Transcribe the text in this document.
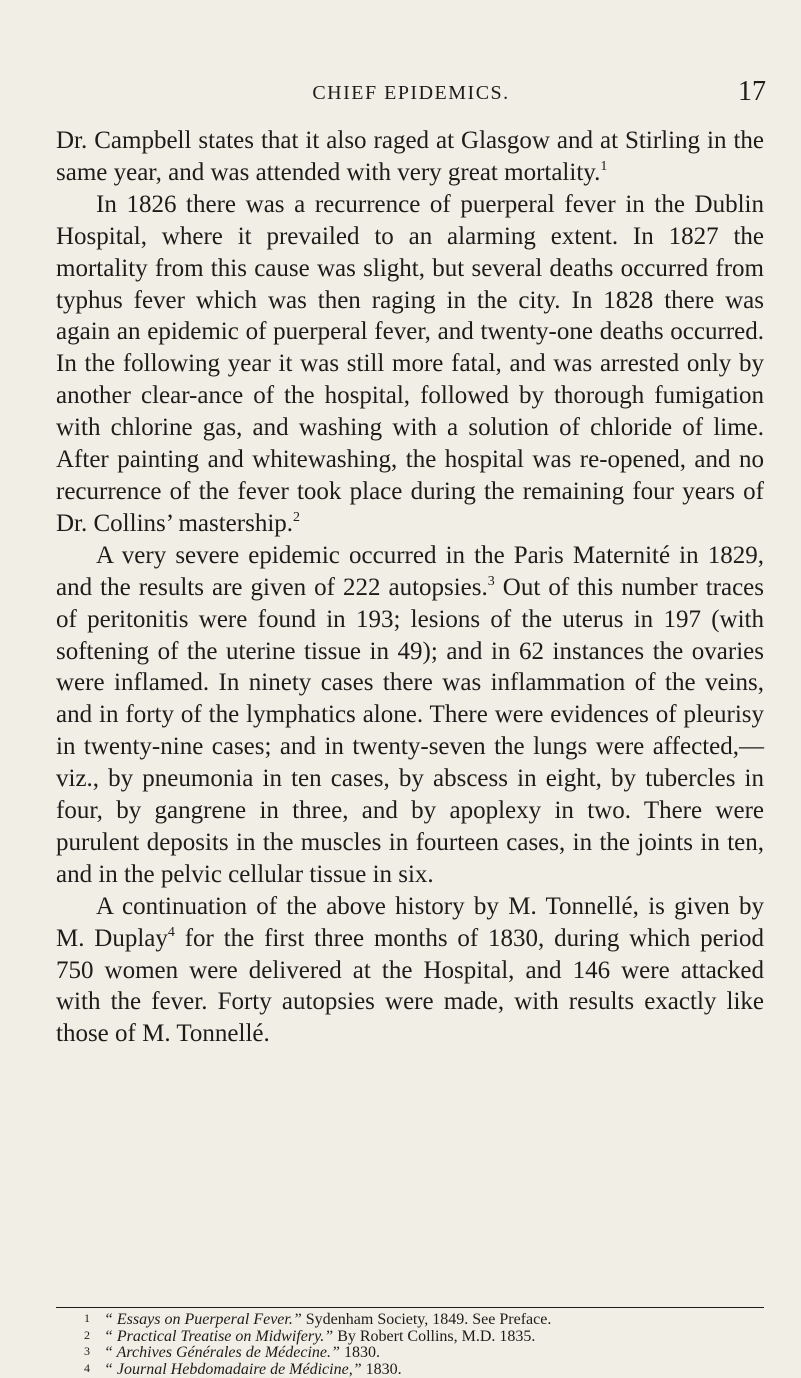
CHIEF EPIDEMICS.	17

Dr. Campbell states that it also raged at Glasgow and at Stirling in the same year, and was attended with very great mortality.$^1$

In 1826 there was a recurrence of puerperal fever in the Dublin Hospital, where it prevailed to an alarming extent. In 1827 the mortality from this cause was slight, but several deaths occurred from typhus fever which was then raging in the city. In 1828 there was again an epidemic of puerperal fever, and twenty-one deaths occurred. In the following year it was still more fatal, and was arrested only by another clear-ance of the hospital, followed by thorough fumigation with chlorine gas, and washing with a solution of chloride of lime. After painting and whitewashing, the hospital was re-opened, and no recurrence of the fever took place during the remaining four years of Dr. Collins’ mastership.$^2$

A very severe epidemic occurred in the Paris Maternité in 1829, and the results are given of 222 autopsies.$^3$ Out of this number traces of peritonitis were found in 193; lesions of the uterus in 197 (with softening of the uterine tissue in 49); and in 62 instances the ovaries were inflamed. In ninety cases there was inflammation of the veins, and in forty of the lymphatics alone. There were evidences of pleurisy in twenty-nine cases; and in twenty-seven the lungs were affected,—viz., by pneumonia in ten cases, by abscess in eight, by tubercles in four, by gangrene in three, and by apoplexy in two. There were purulent deposits in the muscles in fourteen cases, in the joints in ten, and in the pelvic cellular tissue in six.

A continuation of the above history by M. Tonnellé, is given by M. Duplay$^4$ for the first three months of 1830, during which period 750 women were delivered at the Hospital, and 146 were attacked with the fever. Forty autopsies were made, with results exactly like those of M. Tonnellé.

1 “ Essays on Puerperal Fever.” Sydenham Society, 1849. See Preface.
2 “ Practical Treatise on Midwifery.” By Robert Collins, M.D. 1835.
3 “ Archives Générales de Médecine.” 1830.
4 “ Journal Hebdomadaire de Médicine,” 1830.
